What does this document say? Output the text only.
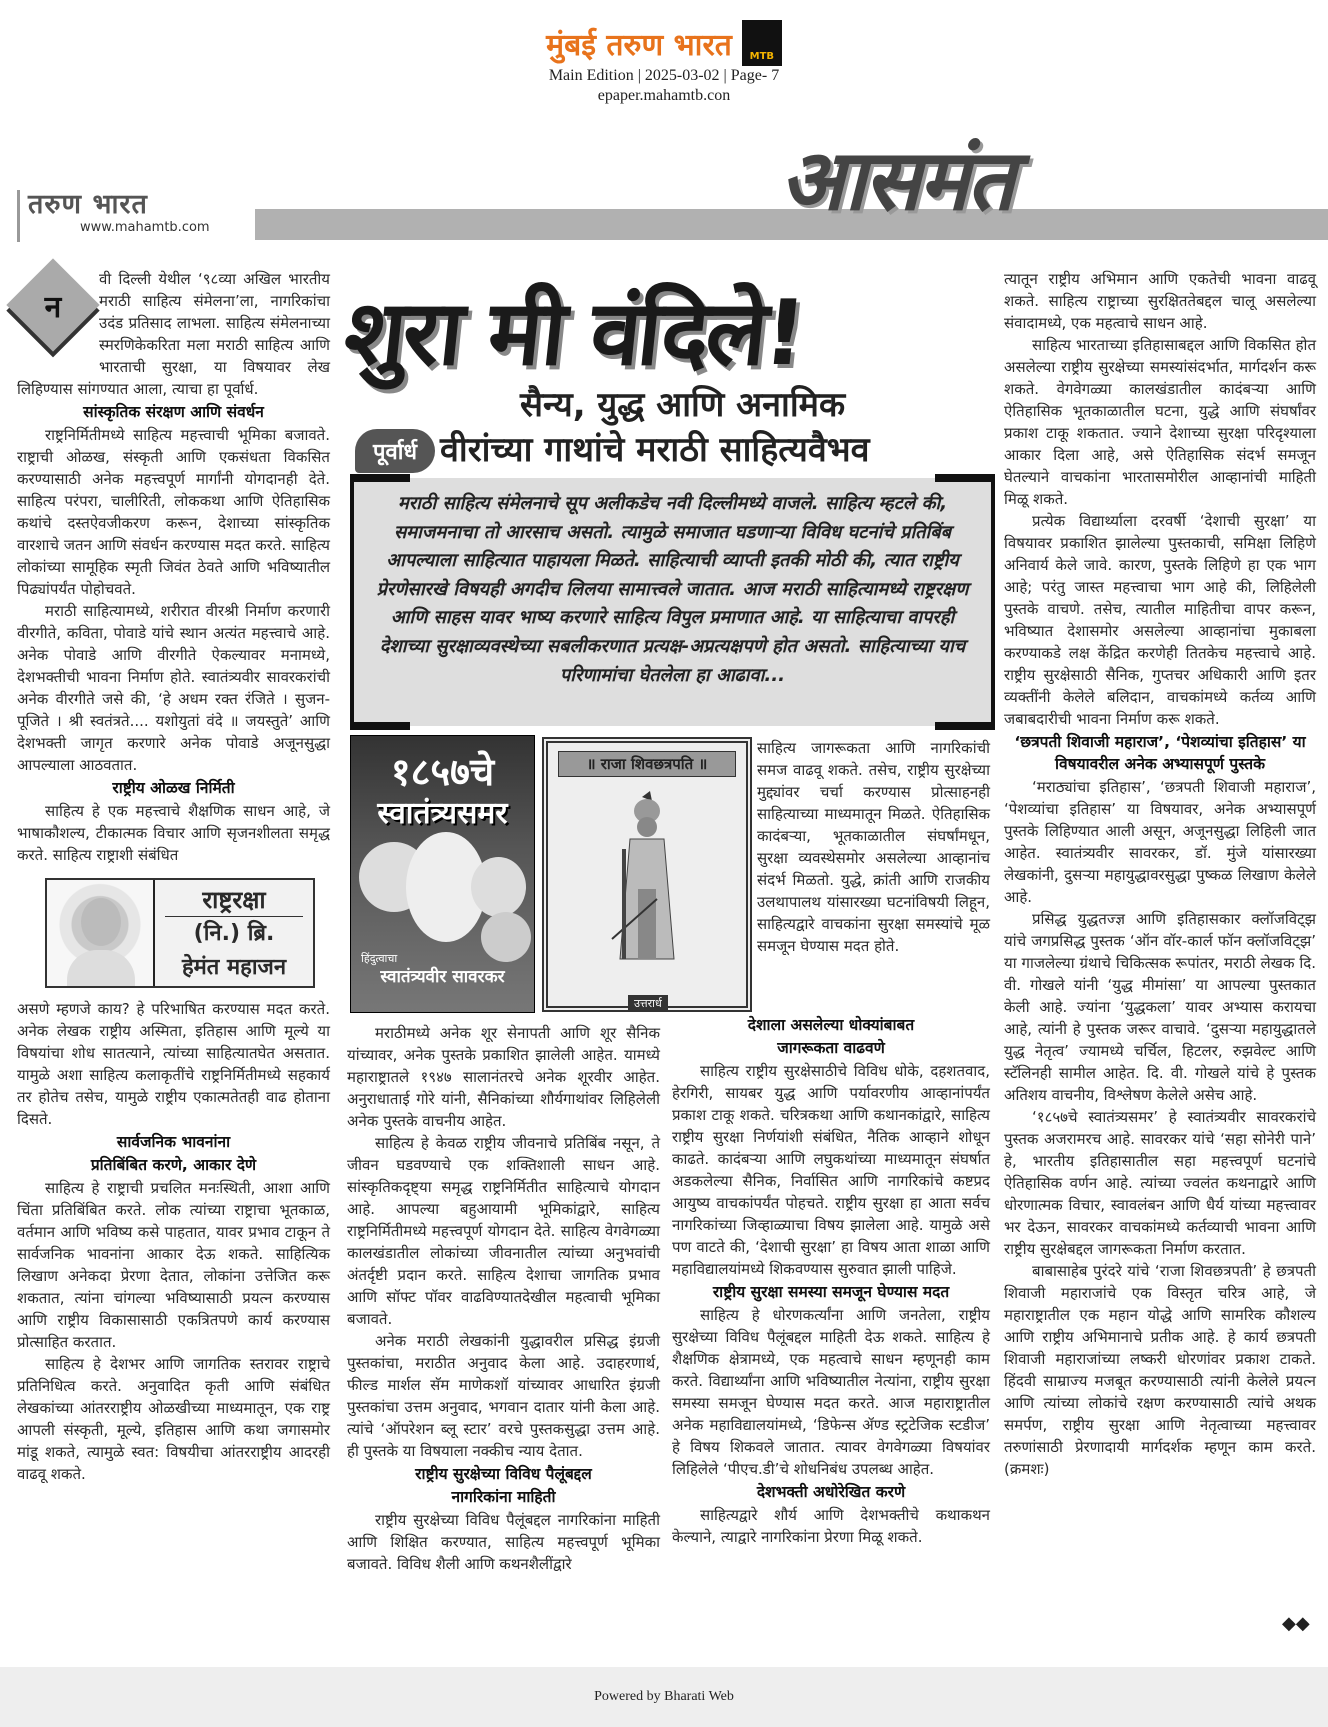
मुंबई तरुण भारत	MTB
Main Edition | 2025-03-02 | Page- 7
epaper.mahamtb.con
तरुण भारत
www.mahamtb.com	आसमंत
न

वी दिल्ली येथील ‘९८व्या अखिल भारतीय मराठी साहित्य संमेलना’ला, नागरिकांचा उदंड प्रतिसाद लाभला. साहित्य संमेलनाच्या स्मरणिकेकरिता मला मराठी साहित्य आणि भारताची सुरक्षा, या विषयावर लेख लिहिण्यास सांगण्यात आला, त्याचा हा पूर्वार्ध.

सांस्कृतिक संरक्षण आणि संवर्धन

राष्ट्रनिर्मितीमध्ये साहित्य महत्त्वाची भूमिका बजावते. राष्ट्राची ओळख, संस्कृती आणि एकसंधता विकसित करण्यासाठी अनेक महत्त्वपूर्ण मार्गांनी योगदानही देते. साहित्य परंपरा, चालीरिती, लोककथा आणि ऐतिहासिक कथांचे दस्तऐवजीकरण करून, देशाच्या सांस्कृतिक वारशाचे जतन आणि संवर्धन करण्यास मदत करते. साहित्य लोकांच्या सामूहिक स्मृती जिवंत ठेवते आणि भविष्यातील पिढ्यांपर्यंत पोहोचवते.

मराठी साहित्यामध्ये, शरीरात वीरश्री निर्माण करणारी वीरगीते, कविता, पोवाडे यांचे स्थान अत्यंत महत्त्वाचे आहे. अनेक पोवाडे आणि वीरगीते ऐकल्यावर मनामध्ये, देशभक्तीची भावना निर्माण होते. स्वातंत्र्यवीर सावरकरांची अनेक वीरगीते जसे की, ‘हे अधम रक्त रंजिते । सुजन-पूजिते । श्री स्वतंत्रते.... यशोयुतां वंदे ॥ जयस्तुते’ आणि देशभक्ती जागृत करणारे अनेक पोवाडे अजूनसुद्धा आपल्याला आठवतात.

राष्ट्रीय ओळख निर्मिती

साहित्य हे एक महत्त्वाचे शैक्षणिक साधन आहे, जे भाषाकौशल्य, टीकात्मक विचार आणि सृजनशीलता समृद्ध करते. साहित्य राष्ट्राशी संबंधित

राष्ट्ररक्षा
(नि.) ब्रि.
हेमंत महाजन

असणे म्हणजे काय? हे परिभाषित करण्यास मदत करते. अनेक लेखक राष्ट्रीय अस्मिता, इतिहास आणि मूल्ये या विषयांचा शोध सातत्याने, त्यांच्या साहित्यातघेत असतात. यामुळे अशा साहित्य कलाकृतींचे राष्ट्रनिर्मितीमध्ये सहकार्य तर होतेच तसेच, यामुळे राष्ट्रीय एकात्मतेतही वाढ होताना दिसते.

सार्वजनिक भावनांना
प्रतिबिंबित करणे, आकार देणे

साहित्य हे राष्ट्राची प्रचलित मनःस्थिती, आशा आणि चिंता प्रतिबिंबित करते. लोक त्यांच्या राष्ट्राचा भूतकाळ, वर्तमान आणि भविष्य कसे पाहतात, यावर प्रभाव टाकून ते सार्वजनिक भावनांना आकार देऊ शकते. साहित्यिक लिखाण अनेकदा प्रेरणा देतात, लोकांना उत्तेजित करू शकतात, त्यांना चांगल्या भविष्यासाठी प्रयत्न करण्यास आणि राष्ट्रीय विकासासाठी एकत्रितपणे कार्य करण्यास प्रोत्साहित करतात.

साहित्य हे देशभर आणि जागतिक स्तरावर राष्ट्राचे प्रतिनिधित्व करते. अनुवादित कृती आणि संबंधित लेखकांच्या आंतरराष्ट्रीय ओळखीच्या माध्यमातून, एक राष्ट्र आपली संस्कृती, मूल्ये, इतिहास आणि कथा जगासमोर मांडू शकते, त्यामुळे स्वत: विषयीचा आंतरराष्ट्रीय आदरही वाढवू शकते.

शुरा मी वंदिले!
सैन्य, युद्ध आणि अनामिक
पूर्वार्ध वीरांच्या गाथांचे मराठी साहित्यवैभव
मराठी साहित्य संमेलनाचे सूप अलीकडेच नवी दिल्लीमध्ये वाजले. साहित्य म्हटले की, समाजमनाचा तो आरसाच असतो. त्यामुळे समाजात घडणाऱ्या विविध घटनांचे प्रतिबिंब आपल्याला साहित्यात पाहायला मिळते. साहित्याची व्याप्ती इतकी मोठी की, त्यात राष्ट्रीय प्रेरणेसारखे विषयही अगदीच लिलया सामात्त्वले जातात. आज मराठी साहित्यामध्ये राष्ट्ररक्षण आणि साहस यावर भाष्य करणारे साहित्य विपुल प्रमाणात आहे. या साहित्याचा वापरही देशाच्या सुरक्षाव्यवस्थेच्या सबलीकरणात प्रत्यक्ष-अप्रत्यक्षपणे होत असतो. साहित्याच्या याच परिणामांचा घेतलेला हा आढावा...
१८५७चे
स्वातंत्र्यसमर
हिंदुत्वाचा
स्वातंत्र्यवीर सावरकर
॥ राजा शिवछत्रपति ॥
उत्तरार्ध

मराठीमध्ये अनेक शूर सेनापती आणि शूर सैनिक यांच्यावर, अनेक पुस्तके प्रकाशित झालेली आहेत. यामध्ये महाराष्ट्रातले १९४७ सालानंतरचे अनेक शूरवीर आहेत. अनुराधाताई गोरे यांनी, सैनिकांच्या शौर्यगाथांवर लिहिलेली अनेक पुस्तके वाचनीय आहेत.

साहित्य हे केवळ राष्ट्रीय जीवनाचे प्रतिबिंब नसून, ते जीवन घडवण्याचे एक शक्तिशाली साधन आहे. सांस्कृतिकदृष्ट्या समृद्ध राष्ट्रनिर्मितीत साहित्याचे योगदान आहे. आपल्या बहुआयामी भूमिकांद्वारे, साहित्य राष्ट्रनिर्मितीमध्ये महत्त्वपूर्ण योगदान देते. साहित्य वेगवेगळ्या कालखंडातील लोकांच्या जीवनातील त्यांच्या अनुभवांची अंतर्दृष्टी प्रदान करते. साहित्य देशाचा जागतिक प्रभाव आणि सॉफ्ट पॉवर वाढविण्यातदेखील महत्वाची भूमिका बजावते.

अनेक मराठी लेखकांनी युद्धावरील प्रसिद्ध इंग्रजी पुस्तकांचा, मराठीत अनुवाद केला आहे. उदाहरणार्थ, फील्ड मार्शल सॅम माणेकशॉ यांच्यावर आधारित इंग्रजी पुस्तकांचा उत्तम अनुवाद, भगवान दातार यांनी केला आहे. त्यांचे ‘ऑपरेशन ब्लू स्टार’ वरचे पुस्तकसुद्धा उत्तम आहे. ही पुस्तके या विषयाला नक्कीच न्याय देतात.

राष्ट्रीय सुरक्षेच्या विविध पैलूंबद्दल
नागरिकांना माहिती

राष्ट्रीय सुरक्षेच्या विविध पैलूंबद्दल नागरिकांना माहिती आणि शिक्षित करण्यात, साहित्य महत्त्वपूर्ण भूमिका बजावते. विविध शैली आणि कथनशैलींद्वारे

साहित्य जागरूकता आणि नागरिकांची समज वाढवू शकते. तसेच, राष्ट्रीय सुरक्षेच्या मुद्द्यांवर चर्चा करण्यास प्रोत्साहनही साहित्याच्या माध्यमातून मिळते. ऐतिहासिक कादंबऱ्या, भूतकाळातील संघर्षांमधून, सुरक्षा व्यवस्थेसमोर असलेल्या आव्हानांच संदर्भ मिळतो. युद्धे, क्रांती आणि राजकीय उलथापालथ यांसारख्या घटनांविषयी लिहून, साहित्यद्वारे वाचकांना सुरक्षा समस्यांचे मूळ समजून घेण्यास मदत होते.

देशाला असलेल्या धोक्यांबाबत
जागरूकता वाढवणे

साहित्य राष्ट्रीय सुरक्षेसाठीचे विविध धोके, दहशतवाद, हेरगिरी, सायबर युद्ध आणि पर्यावरणीय आव्हानांपर्यंत प्रकाश टाकू शकते. चरित्रकथा आणि कथानकांद्वारे, साहित्य राष्ट्रीय सुरक्षा निर्णयांशी संबंधित, नैतिक आव्हाने शोधून काढते. कादंबऱ्या आणि लघुकथांच्या माध्यमातून संघर्षात अडकलेल्या सैनिक, निर्वासित आणि नागरिकांचे कष्टप्रद आयुष्य वाचकांपर्यंत पोहचते. राष्ट्रीय सुरक्षा हा आता सर्वच नागरिकांच्या जिव्हाळ्याचा विषय झालेला आहे. यामुळे असे पण वाटते की, ‘देशाची सुरक्षा’ हा विषय आता शाळा आणि महाविद्यालयांमध्ये शिकवण्यास सुरुवात झाली पाहिजे.

राष्ट्रीय सुरक्षा समस्या समजून घेण्यास मदत

साहित्य हे धोरणकर्त्यांना आणि जनतेला, राष्ट्रीय सुरक्षेच्या विविध पैलूंबद्दल माहिती देऊ शकते. साहित्य हे शैक्षणिक क्षेत्रामध्ये, एक महत्वाचे साधन म्हणूनही काम करते. विद्यार्थ्यांना आणि भविष्यातील नेत्यांना, राष्ट्रीय सुरक्षा समस्या समजून घेण्यास मदत करते. आज महाराष्ट्रातील अनेक महाविद्यालयांमध्ये, ‘डिफेन्स ॲण्ड स्ट्रटेजिक स्टडीज’ हे विषय शिकवले जातात. त्यावर वेगवेगळ्या विषयांवर लिहिलेले ‘पीएच.डी’चे शोधनिबंध उपलब्ध आहेत.

देशभक्ती अधोरेखित करणे

साहित्यद्वारे शौर्य आणि देशभक्तीचे कथाकथन केल्याने, त्याद्वारे नागरिकांना प्रेरणा मिळू शकते.

त्यातून राष्ट्रीय अभिमान आणि एकतेची भावना वाढवू शकते. साहित्य राष्ट्राच्या सुरक्षिततेबद्दल चालू असलेल्या संवादामध्ये, एक महत्वाचे साधन आहे.

साहित्य भारताच्या इतिहासाबद्दल आणि विकसित होत असलेल्या राष्ट्रीय सुरक्षेच्या समस्यांसंदर्भात, मार्गदर्शन करू शकते. वेगवेगळ्या कालखंडातील कादंबऱ्या आणि ऐतिहासिक भूतकाळातील घटना, युद्धे आणि संघर्षांवर प्रकाश टाकू शकतात. ज्याने देशाच्या सुरक्षा परिदृश्याला आकार दिला आहे, असे ऐतिहासिक संदर्भ समजून घेतल्याने वाचकांना भारतासमोरील आव्हानांची माहिती मिळू शकते.

प्रत्येक विद्यार्थ्याला दरवर्षी ‘देशाची सुरक्षा’ या विषयावर प्रकाशित झालेल्या पुस्तकाची, समिक्षा लिहिणे अनिवार्य केले जावे. कारण, पुस्तके लिहिणे हा एक भाग आहे; परंतु जास्त महत्त्वाचा भाग आहे की, लिहिलेली पुस्तके वाचणे. तसेच, त्यातील माहितीचा वापर करून, भविष्यात देशासमोर असलेल्या आव्हानांचा मुकाबला करण्याकडे लक्ष केंद्रित करणेही तितकेच महत्त्वाचे आहे. राष्ट्रीय सुरक्षेसाठी सैनिक, गुप्तचर अधिकारी आणि इतर व्यक्तींनी केलेले बलिदान, वाचकांमध्ये कर्तव्य आणि जबाबदारीची भावना निर्माण करू शकते.

‘छत्रपती शिवाजी महाराज’, ‘पेशव्यांचा इतिहास’ या विषयावरील अनेक अभ्यासपूर्ण पुस्तके

‘मराठ्यांचा इतिहास’, ‘छत्रपती शिवाजी महाराज’, ‘पेशव्यांचा इतिहास’ या विषयावर, अनेक अभ्यासपूर्ण पुस्तके लिहिण्यात आली असून, अजूनसुद्धा लिहिली जात आहेत. स्वातंत्र्यवीर सावरकर, डॉ. मुंजे यांसारख्या लेखकांनी, दुसऱ्या महायुद्धावरसुद्धा पुष्कळ लिखाण केलेले आहे.

प्रसिद्ध युद्धतज्ज्ञ आणि इतिहासकार क्लॉजविट्झ यांचे जगप्रसिद्ध पुस्तक ‘ऑन वॉर-कार्ल फॉन क्लॉजविट्झ’ या गाजलेल्या ग्रंथाचे चिकित्सक रूपांतर, मराठी लेखक दि. वी. गोखले यांनी ‘युद्ध मीमांसा’ या आपल्या पुस्तकात केली आहे. ज्यांना ‘युद्धकला’ यावर अभ्यास करायचा आहे, त्यांनी हे पुस्तक जरूर वाचावे. ‘दुसऱ्या महायुद्धातले युद्ध नेतृत्व’ ज्यामध्ये चर्चिल, हिटलर, रुझवेल्ट आणि स्टॅलिनही सामील आहेत. दि. वी. गोखले यांचे हे पुस्तक अतिशय वाचनीय, विश्लेषण केलेले असेच आहे.

‘१८५७चे स्वातंत्र्यसमर’ हे स्वातंत्र्यवीर सावरकरांचे पुस्तक अजरामरच आहे. सावरकर यांचे ‘सहा सोनेरी पाने’ हे, भारतीय इतिहासातील सहा महत्त्वपूर्ण घटनांचे ऐतिहासिक वर्णन आहे. त्यांच्या ज्वलंत कथनाद्वारे आणि धोरणात्मक विचार, स्वावलंबन आणि धैर्य यांच्या महत्त्वावर भर देऊन, सावरकर वाचकांमध्ये कर्तव्याची भावना आणि राष्ट्रीय सुरक्षेबद्दल जागरूकता निर्माण करतात.

बाबासाहेब पुरंदरे यांचे ‘राजा शिवछत्रपती’ हे छत्रपती शिवाजी महाराजांचे एक विस्तृत चरित्र आहे, जे महाराष्ट्रातील एक महान योद्धे आणि सामरिक कौशल्य आणि राष्ट्रीय अभिमानाचे प्रतीक आहे. हे कार्य छत्रपती शिवाजी महाराजांच्या लष्करी धोरणांवर प्रकाश टाकते. हिंदवी साम्राज्य मजबूत करण्यासाठी त्यांनी केलेले प्रयत्न आणि त्यांच्या लोकांचे रक्षण करण्यासाठी त्यांचे अथक समर्पण, राष्ट्रीय सुरक्षा आणि नेतृत्वाच्या महत्त्वावर तरुणांसाठी प्रेरणादायी मार्गदर्शक म्हणून काम करते. (क्रमशः)

◆◆
Powered by Bharati Web
